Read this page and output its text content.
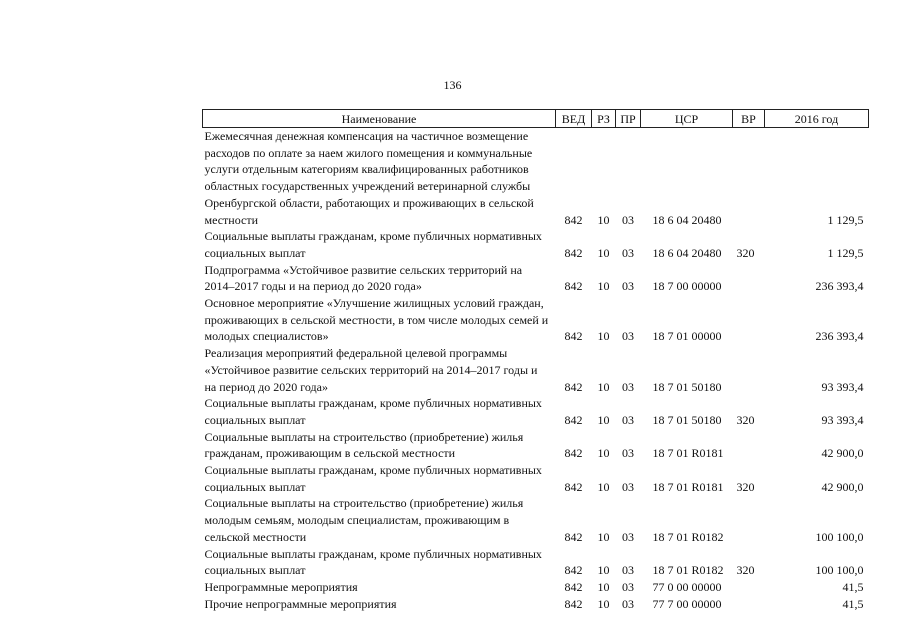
136
Наименование	ВЕД	РЗ	ПР	ЦСР	ВР	2016 год
Ежемесячная денежная компенсация на частичное возмещение расходов по оплате за наем жилого помещения и коммунальные услуги отдельным категориям квалифицированных работников областных государственных учреждений ветеринарной службы Оренбургской области, работающих и проживающих в сельской местности	842	10	03	18 6 04 20480		1 129,5
Социальные выплаты гражданам, кроме публичных нормативных социальных выплат	842	10	03	18 6 04 20480	320	1 129,5
Подпрограмма «Устойчивое развитие сельских территорий на 2014–2017 годы и на период до 2020 года»	842	10	03	18 7 00 00000		236 393,4
Основное мероприятие «Улучшение жилищных условий граждан, проживающих в сельской местности, в том числе молодых семей и молодых специалистов»	842	10	03	18 7 01 00000		236 393,4
Реализация мероприятий федеральной целевой программы «Устойчивое развитие сельских территорий на 2014–2017 годы и на период до 2020 года»	842	10	03	18 7 01 50180		93 393,4
Социальные выплаты гражданам, кроме публичных нормативных социальных выплат	842	10	03	18 7 01 50180	320	93 393,4
Социальные выплаты на строительство (приобретение) жилья гражданам, проживающим в сельской местности	842	10	03	18 7 01 R0181		42 900,0
Социальные выплаты гражданам, кроме публичных нормативных социальных выплат	842	10	03	18 7 01 R0181	320	42 900,0
Социальные выплаты на строительство (приобретение) жилья молодым семьям, молодым специалистам, проживающим в сельской местности	842	10	03	18 7 01 R0182		100 100,0
Социальные выплаты гражданам, кроме публичных нормативных социальных выплат	842	10	03	18 7 01 R0182	320	100 100,0
Непрограммные мероприятия	842	10	03	77 0 00 00000		41,5
Прочие непрограммные мероприятия	842	10	03	77 7 00 00000		41,5
